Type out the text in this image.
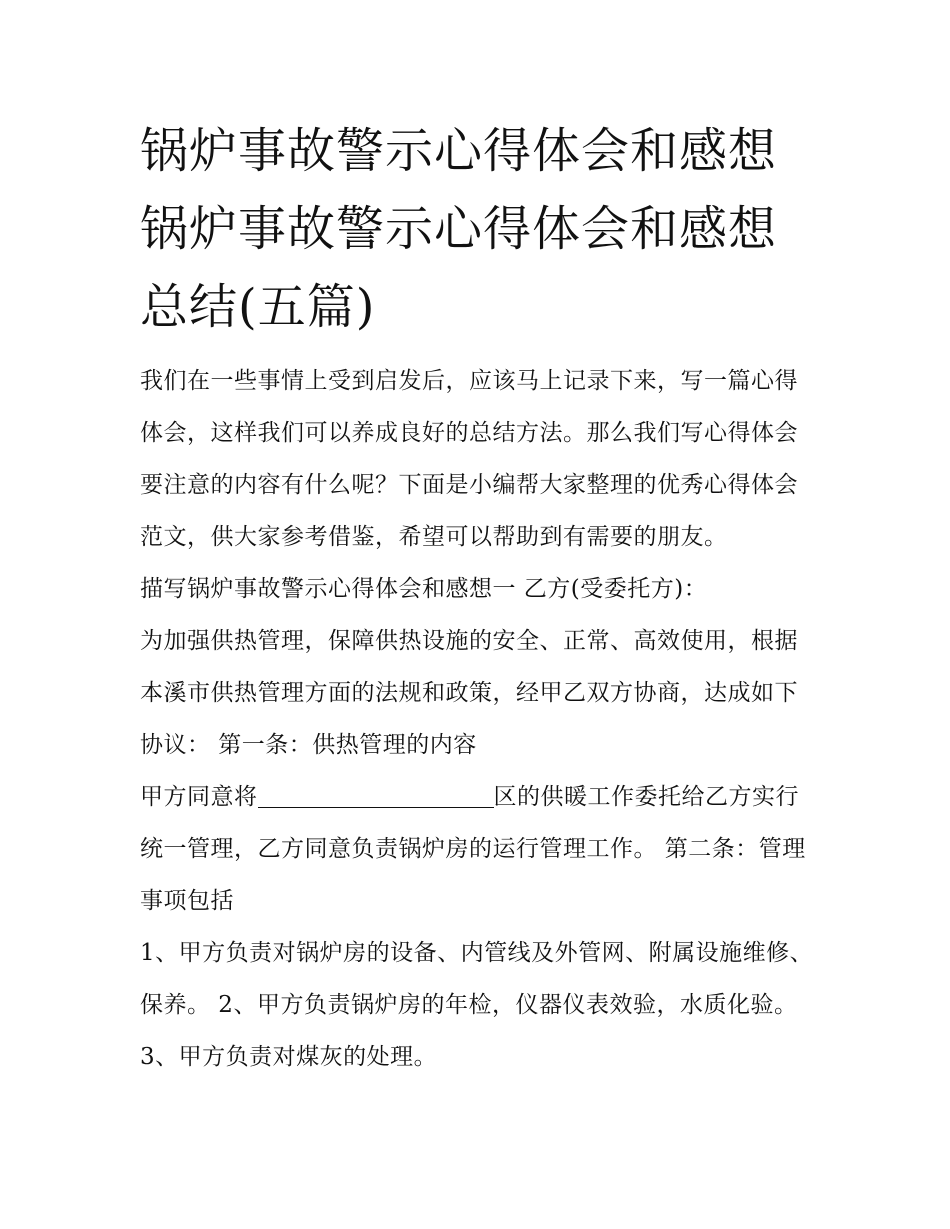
锅炉事故警示心得体会和感想锅炉事故警示心得体会和感想总结(五篇)

我们在一些事情上受到启发后，应该马上记录下来，写一篇心得体会，这样我们可以养成良好的总结方法。那么我们写心得体会要注意的内容有什么呢？下面是小编帮大家整理的优秀心得体会范文，供大家参考借鉴，希望可以帮助到有需要的朋友。

描写锅炉事故警示心得体会和感想一 乙方(受委托方)：

为加强供热管理，保障供热设施的安全、正常、高效使用，根据本溪市供热管理方面的法规和政策，经甲乙双方协商，达成如下协议： 第一条：供热管理的内容

甲方同意将	区的供暖工作委托给乙方实行统一管理，乙方同意负责锅炉房的运行管理工作。 第二条：管理事项包括

1、甲方负责对锅炉房的设备、内管线及外管网、附属设施维修、保养。 2、甲方负责锅炉房的年检，仪器仪表效验，水质化验。 3、甲方负责对煤灰的处理。
